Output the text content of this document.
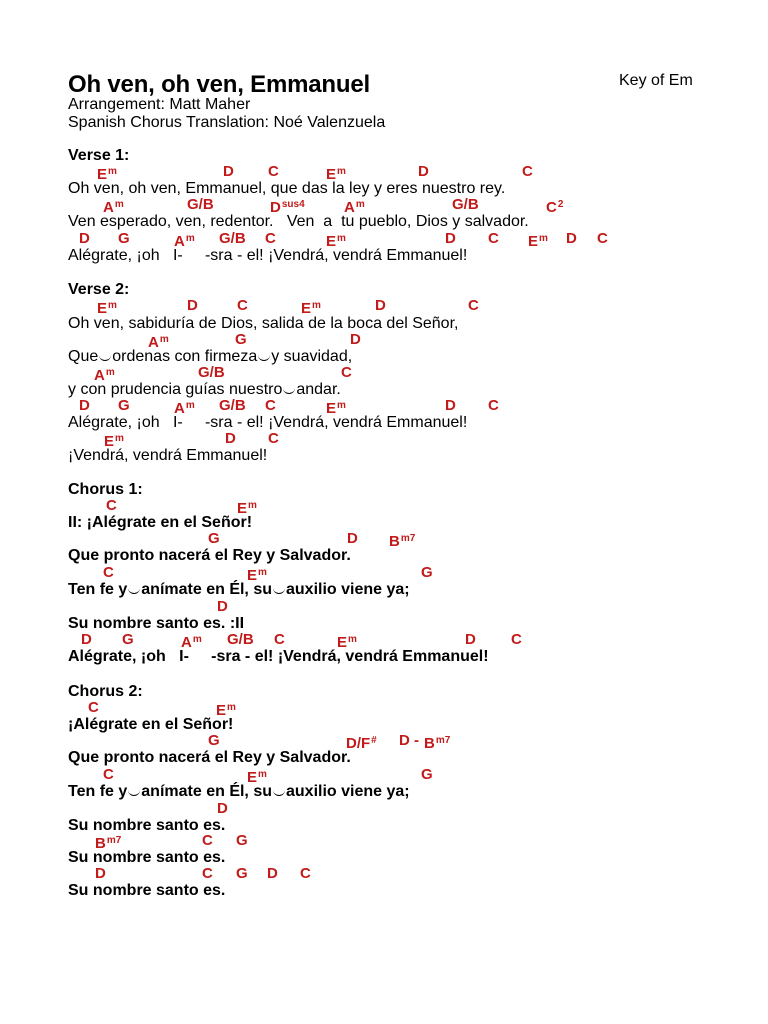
Oh ven, oh ven, Emmanuel	Key of Em
Arrangement: Matt Maher
Spanish Chorus Translation: Noé Valenzuela
Verse 1:
$E^m$	D C	$E^m$	D	C
Oh ven, oh ven, Emmanuel, que das la ley y eres nuestro rey.
$A^m$	G/B	$D^{sus4}$	$A^m$	G/B	$C^2$
Ven esperado, ven, redentor.   Ven  a  tu pueblo, Dios y salvador.
D G	$A^m$ G/B C	$E^m$	D C $E^m$ D C
Alégrate, ¡oh   I-     -sra - el! ¡Vendrá, vendrá Emmanuel!
Verse 2:
$E^m$	D	C	$E^m$	D	C
Oh ven, sabiduría de Dios, salida de la boca del Señor,
$A^m$	G	D
Que ordenas con firmeza y suavidad,
$A^m$	G/B	C
y con prudencia guías nuestro andar.
D G	$A^m$ G/B C	$E^m$	D C
Alégrate, ¡oh   I-     -sra - el! ¡Vendrá, vendrá Emmanuel!
$E^m$	D C
¡Vendrá, vendrá Emmanuel!
Chorus 1:
C	$E^m$
II: ¡Alégrate en el Señor!
G	D $B^{m7}$
Que pronto nacerá el Rey y Salvador.
C	$E^m$	G
Ten fe y anímate en Él, su auxilio viene ya;
D
Su nombre santo es. :II
D G	$A^m$ G/B C	$E^m$	D C
Alégrate, ¡oh   I-     -sra - el! ¡Vendrá, vendrá Emmanuel!
Chorus 2:
C	$E^m$
¡Alégrate en el Señor!
G	D/F# D - $B^{m7}$
Que pronto nacerá el Rey y Salvador.
C	$E^m$	G
Ten fe y anímate en Él, su auxilio viene ya;
D
Su nombre santo es.
$B^{m7}$	C G
Su nombre santo es.
D	C G D C
Su nombre santo es.
